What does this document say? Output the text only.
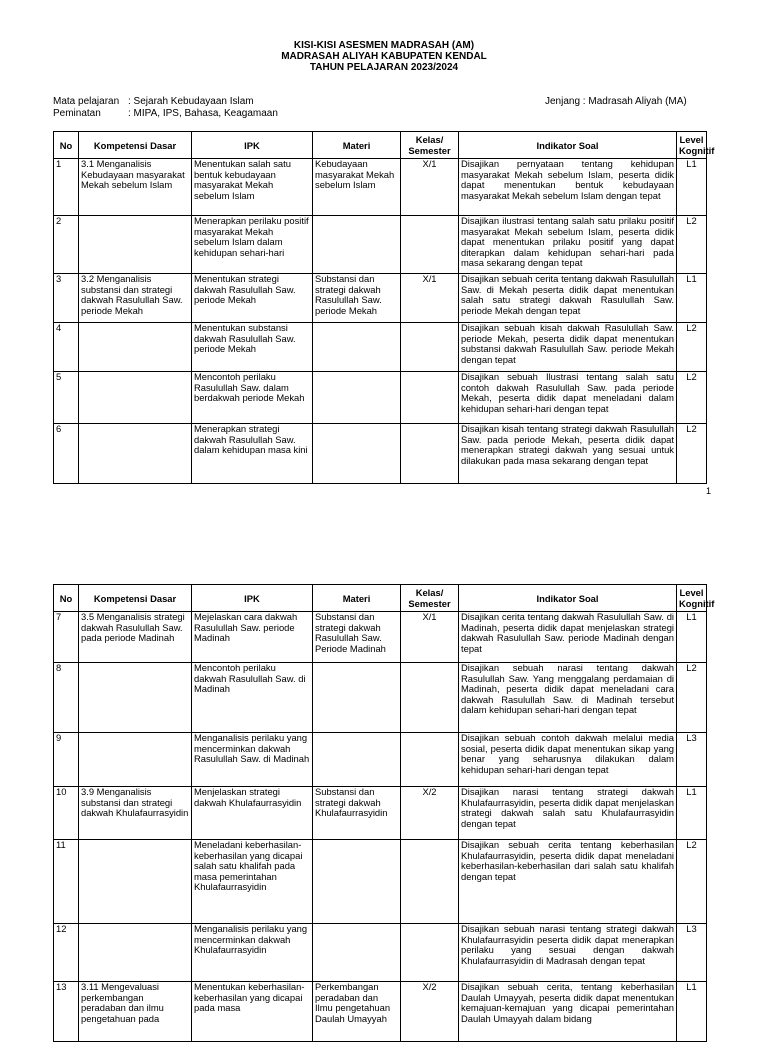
KISI-KISI ASESMEN MADRASAH (AM)
MADRASAH ALIYAH KABUPATEN KENDAL
TAHUN PELAJARAN 2023/2024
Mata pelajaran : Sejarah Kebudayaan Islam
Peminatan	: MIPA, IPS, Bahasa, Keagamaan
Jenjang : Madrasah Aliyah (MA)
No	Kompetensi Dasar	IPK	Materi	Kelas/ Semester	Indikator Soal	Level Kognitif
1	3.1 Menganalisis Kebudayaan masyarakat Mekah sebelum Islam	Menentukan salah satu bentuk kebudayaan masyarakat Mekah sebelum Islam	Kebudayaan masyarakat Mekah sebelum Islam	X/1	Disajikan pernyataan tentang kehidupan masyarakat Mekah sebelum Islam, peserta didik dapat menentukan bentuk kebudayaan masyarakat Mekah sebelum Islam dengan tepat	L1
2		Menerapkan perilaku positif masyarakat Mekah sebelum Islam dalam kehidupan sehari-hari			Disajikan ilustrasi tentang salah satu prilaku positif masyarakat Mekah sebelum Islam, peserta didik dapat menentukan prilaku positif yang dapat diterapkan dalam kehidupan sehari-hari pada masa sekarang dengan tepat	L2
3	3.2 Menganalisis substansi dan strategi dakwah Rasulullah Saw. periode Mekah	Menentukan strategi dakwah Rasulullah Saw. periode Mekah	Substansi dan strategi dakwah Rasulullah Saw. periode Mekah	X/1	Disajikan sebuah cerita tentang dakwah Rasulullah Saw. di Mekah peserta didik dapat menentukan salah satu strategi dakwah Rasulullah Saw. periode Mekah dengan tepat	L1
4		Menentukan substansi dakwah Rasulullah Saw. periode Mekah			Disajikan sebuah kisah dakwah Rasulullah Saw. periode Mekah, peserta didik dapat menentukan substansi dakwah Rasulullah Saw. periode Mekah dengan tepat	L2
5		Mencontoh perilaku Rasulullah Saw. dalam berdakwah periode Mekah			Disajikan sebuah Ilustrasi tentang salah satu contoh dakwah Rasulullah Saw. pada periode Mekah, peserta didik dapat meneladani dalam kehidupan sehari-hari dengan tepat	L2
6		Menerapkan strategi dakwah Rasulullah Saw. dalam kehidupan masa kini			Disajikan kisah tentang strategi dakwah Rasulullah Saw. pada periode Mekah, peserta didik dapat menerapkan strategi dakwah yang sesuai untuk dilakukan pada masa sekarang dengan tepat	L2
1
No	Kompetensi Dasar	IPK	Materi	Kelas/ Semester	Indikator Soal	Level Kognitif
7	3.5 Menganalisis strategi dakwah Rasulullah Saw. pada periode Madinah	Mejelaskan cara dakwah Rasulullah Saw. periode Madinah	Substansi dan strategi dakwah Rasulullah Saw. Periode Madinah	X/1	Disajikan cerita tentang dakwah Rasulullah Saw. di Madinah, peserta didik dapat menjelaskan strategi dakwah Rasulullah Saw. periode Madinah dengan tepat	L1
8		Mencontoh perilaku dakwah Rasulullah Saw. di Madinah			Disajikan sebuah narasi tentang dakwah Rasulullah Saw. Yang menggalang perdamaian di Madinah, peserta didik dapat meneladani cara dakwah Rasulullah Saw. di Madinah tersebut dalam kehidupan sehari-hari dengan tepat	L2
9		Menganalisis perilaku yang mencerminkan dakwah Rasulullah Saw. di Madinah			Disajikan sebuah contoh dakwah melalui media sosial, peserta didik dapat menentukan sikap yang benar yang seharusnya dilakukan dalam kehidupan sehari-hari dengan tepat	L3
10	3.9 Menganalisis substansi dan strategi dakwah Khulafaurrasyidin	Menjelaskan strategi dakwah Khulafaurrasyidin	Substansi dan strategi dakwah Khulafaurrasyidin	X/2	Disajikan narasi tentang strategi dakwah Khulafaurrasyidin, peserta didik dapat menjelaskan strategi dakwah salah satu Khulafaurrasyidin dengan tepat	L1
11		Meneladani keberhasilan-keberhasilan yang dicapai salah satu khalifah pada masa pemerintahan Khulafaurrasyidin			Disajikan sebuah cerita tentang keberhasilan Khulafaurrasyidin, peserta didik dapat meneladani keberhasilan-keberhasilan dari salah satu khalifah dengan tepat	L2
12		Menganalisis perilaku yang mencerminkan dakwah Khulafaurrasyidin			Disajikan sebuah narasi tentang strategi dakwah Khulafaurrasyidin peserta didik dapat menerapkan perilaku yang sesuai dengan dakwah Khulafaurrasyidin di Madrasah dengan tepat	L3
13	3.11 Mengevaluasi perkembangan peradaban dan ilmu pengetahuan pada	Menentukan keberhasilan-keberhasilan yang dicapai pada masa	Perkembangan peradaban dan Ilmu pengetahuan Daulah Umayyah	X/2	Disajikan sebuah cerita, tentang keberhasilan Daulah Umayyah, peserta didik dapat menentukan kemajuan-kemajuan yang dicapai pemerintahan Daulah Umayyah dalam bidang	L1
